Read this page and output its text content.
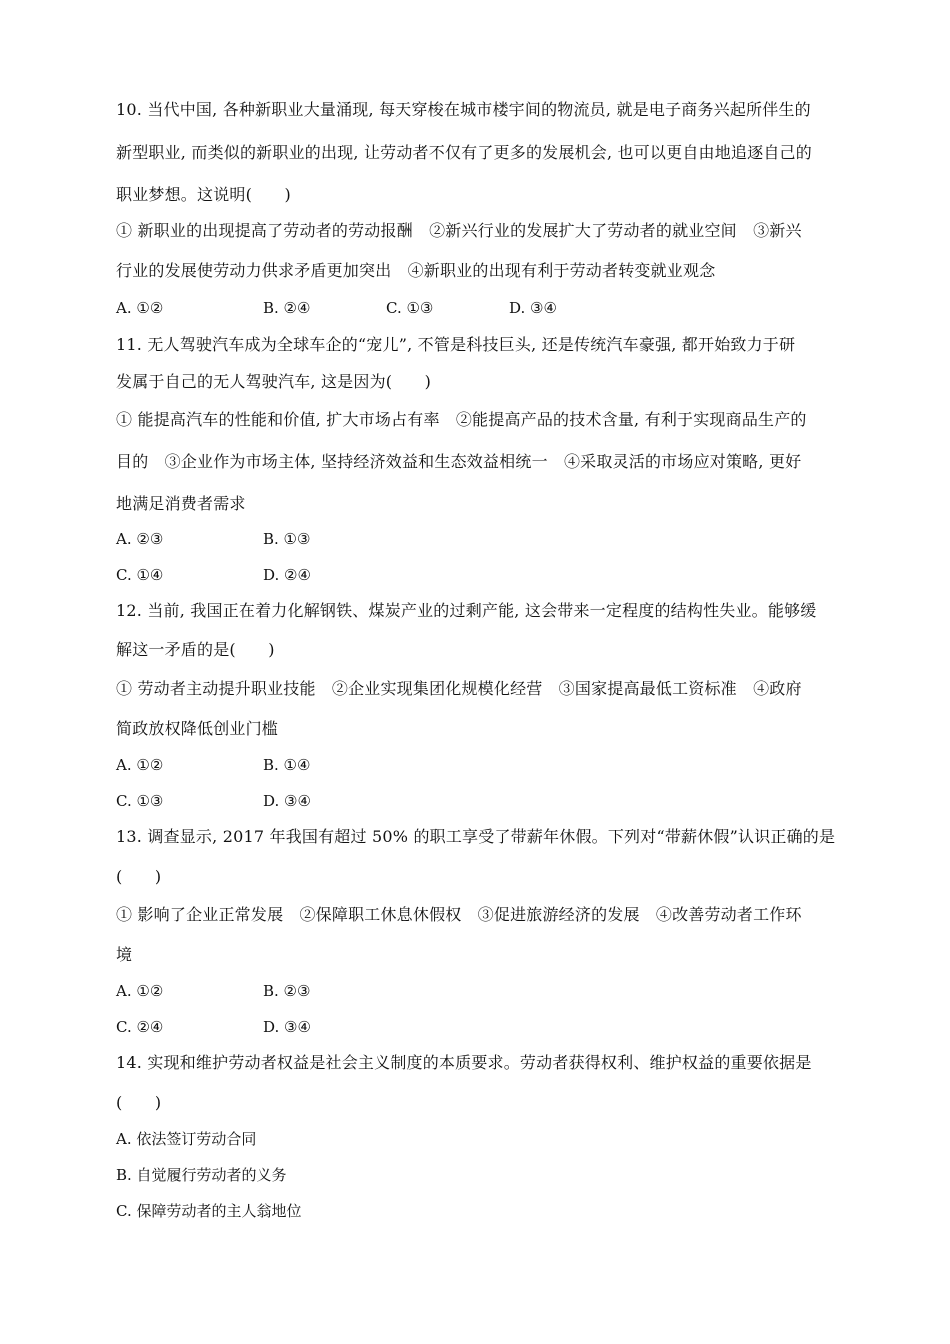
10. 当代中国, 各种新职业大量涌现, 每天穿梭在城市楼宇间的物流员, 就是电子商务兴起所伴生的
新型职业, 而类似的新职业的出现, 让劳动者不仅有了更多的发展机会, 也可以更自由地追逐自己的
职业梦想。这说明(　　)
① 新职业的出现提高了劳动者的劳动报酬　②新兴行业的发展扩大了劳动者的就业空间　③新兴
行业的发展使劳动力供求矛盾更加突出　④新职业的出现有利于劳动者转变就业观念
A. ①②	B. ②④	C. ①③	D. ③④
11. 无人驾驶汽车成为全球车企的“宠儿”, 不管是科技巨头, 还是传统汽车豪强, 都开始致力于研
发属于自己的无人驾驶汽车, 这是因为(　　)
① 能提高汽车的性能和价值, 扩大市场占有率　②能提高产品的技术含量, 有利于实现商品生产的
目的　③企业作为市场主体, 坚持经济效益和生态效益相统一　④采取灵活的市场应对策略, 更好
地满足消费者需求
A. ②③	B. ①③
C. ①④	D. ②④
12. 当前, 我国正在着力化解钢铁、煤炭产业的过剩产能, 这会带来一定程度的结构性失业。能够缓
解这一矛盾的是(　　)
① 劳动者主动提升职业技能　②企业实现集团化规模化经营　③国家提高最低工资标准　④政府
简政放权降低创业门槛
A. ①②	B. ①④
C. ①③	D. ③④
13. 调查显示, 2017 年我国有超过 50% 的职工享受了带薪年休假。下列对“带薪休假”认识正确的是
(　　)
① 影响了企业正常发展　②保障职工休息休假权　③促进旅游经济的发展　④改善劳动者工作环
境
A. ①②	B. ②③
C. ②④	D. ③④
14. 实现和维护劳动者权益是社会主义制度的本质要求。劳动者获得权利、维护权益的重要依据是
(　　)
A. 依法签订劳动合同
B. 自觉履行劳动者的义务
C. 保障劳动者的主人翁地位
